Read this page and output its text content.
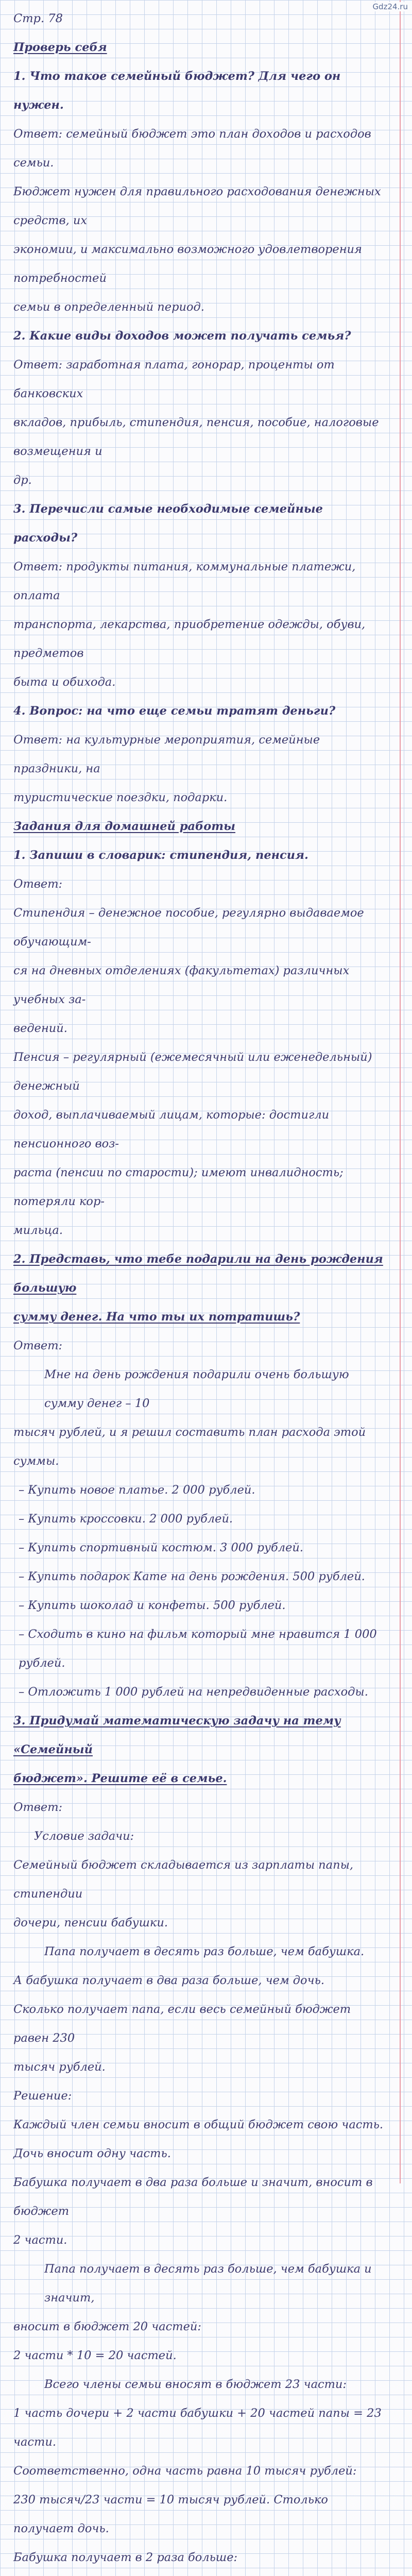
Gdz24.ru
Стр. 78
Проверь себя
1. Что такое семейный бюджет? Для чего он нужен.
Ответ: семейный бюджет это план доходов и расходов семьи.
Бюджет нужен для правильного расходования денежных средств, их
экономии, и максимально возможного удовлетворения потребностей
семьи в определенный период.
2. Какие виды доходов может получать семья?
Ответ: заработная плата, гонорар, проценты от банковских
вкладов, прибыль, стипендия, пенсия, пособие, налоговые возмещения и
др.
3. Перечисли самые необходимые семейные расходы?
Ответ: продукты питания, коммунальные платежи, оплата
транспорта, лекарства, приобретение одежды, обуви, предметов
быта и обихода.
4. Вопрос: на что еще семьи тратят деньги?
Ответ: на культурные мероприятия, семейные праздники, на
туристические поездки, подарки.
Задания для домашней работы
1. Запиши в словарик: стипендия, пенсия.
Ответ:
Стипендия – денежное пособие, регулярно выдаваемое обучающим-
ся на дневных отделениях (факультетах) различных учебных за-
ведений.
Пенсия – регулярный (ежемесячный или еженедельный) денежный
доход, выплачиваемый лицам, которые: достигли пенсионного воз-
раста (пенсии по старости); имеют инвалидность; потеряли кор-
мильца.
2. Представь, что тебе подарили на день рождения большую
сумму денег. На что ты их потратишь?
Ответ:
Мне на день рождения подарили очень большую сумму денег – 10
тысяч рублей, и я решил составить план расхода этой суммы.
– Купить новое платье. 2 000 рублей.
– Купить кроссовки. 2 000 рублей.
– Купить спортивный костюм. 3 000 рублей.
– Купить подарок Кате на день рождения. 500 рублей.
– Купить шоколад и конфеты. 500 рублей.
– Сходить в кино на фильм который мне нравится 1 000 рублей.
– Отложить 1 000 рублей на непредвиденные расходы.
3. Придумай математическую задачу на тему «Семейный
бюджет». Решите её в семье.
Ответ:
Условие задачи:
Семейный бюджет складывается из зарплаты папы, стипендии
дочери, пенсии бабушки.
Папа получает в десять раз больше, чем бабушка.
А бабушка получает в два раза больше, чем дочь.
Сколько получает папа, если весь семейный бюджет равен 230
тысяч рублей.
Решение:
Каждый член семьи вносит в общий бюджет свою часть.
Дочь вносит одну часть.
Бабушка получает в два раза больше и значит, вносит в бюджет
2 части.
Папа получает в десять раз больше, чем бабушка и значит,
вносит в бюджет 20 частей:
2 части * 10 = 20 частей.
Всего члены семьи вносят в бюджет 23 части:
1 часть дочери + 2 части бабушки + 20 частей папы = 23
части.
Соответственно, одна часть равна 10 тысяч рублей:
230 тысяч/23 части = 10 тысяч рублей. Столько получает дочь.
Бабушка получает в 2 раза больше:
